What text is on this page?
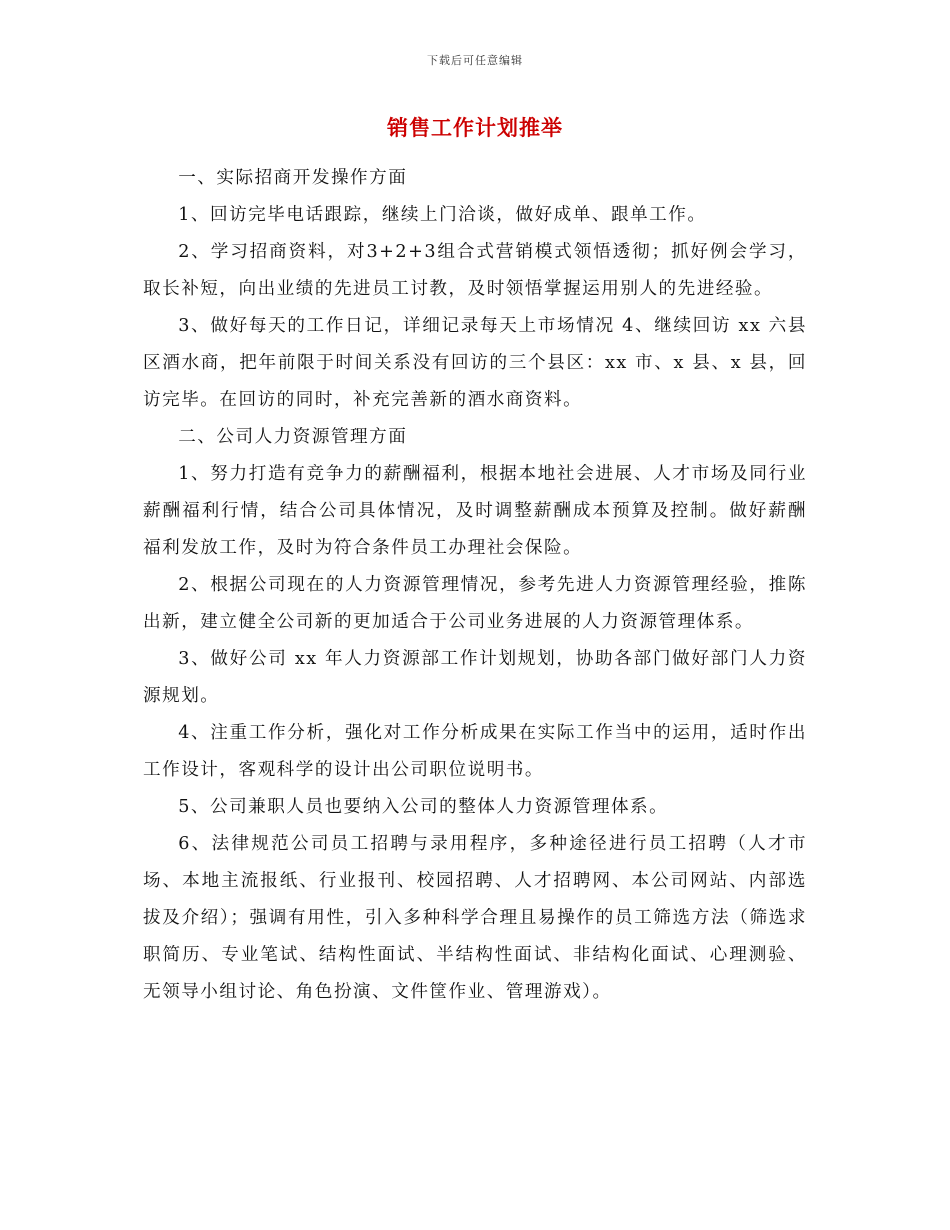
下载后可任意编辑
销售工作计划推举

一、实际招商开发操作方面

1、回访完毕电话跟踪，继续上门洽谈，做好成单、跟单工作。

2、学习招商资料，对3+2+3组合式营销模式领悟透彻；抓好例会学习，取长补短，向出业绩的先进员工讨教，及时领悟掌握运用别人的先进经验。

3、做好每天的工作日记，详细记录每天上市场情况 4、继续回访 xx 六县区酒水商，把年前限于时间关系没有回访的三个县区：xx 市、x 县、x 县，回访完毕。在回访的同时，补充完善新的酒水商资料。

二、公司人力资源管理方面

1、努力打造有竞争力的薪酬福利，根据本地社会进展、人才市场及同行业薪酬福利行情，结合公司具体情况，及时调整薪酬成本预算及控制。做好薪酬福利发放工作，及时为符合条件员工办理社会保险。

2、根据公司现在的人力资源管理情况，参考先进人力资源管理经验，推陈出新，建立健全公司新的更加适合于公司业务进展的人力资源管理体系。

3、做好公司 xx 年人力资源部工作计划规划，协助各部门做好部门人力资源规划。

4、注重工作分析，强化对工作分析成果在实际工作当中的运用，适时作出工作设计，客观科学的设计出公司职位说明书。

5、公司兼职人员也要纳入公司的整体人力资源管理体系。

6、法律规范公司员工招聘与录用程序，多种途径进行员工招聘（人才市场、本地主流报纸、行业报刊、校园招聘、人才招聘网、本公司网站、内部选拔及介绍）；强调有用性，引入多种科学合理且易操作的员工筛选方法（筛选求职简历、专业笔试、结构性面试、半结构性面试、非结构化面试、心理测验、无领导小组讨论、角色扮演、文件筐作业、管理游戏）。
